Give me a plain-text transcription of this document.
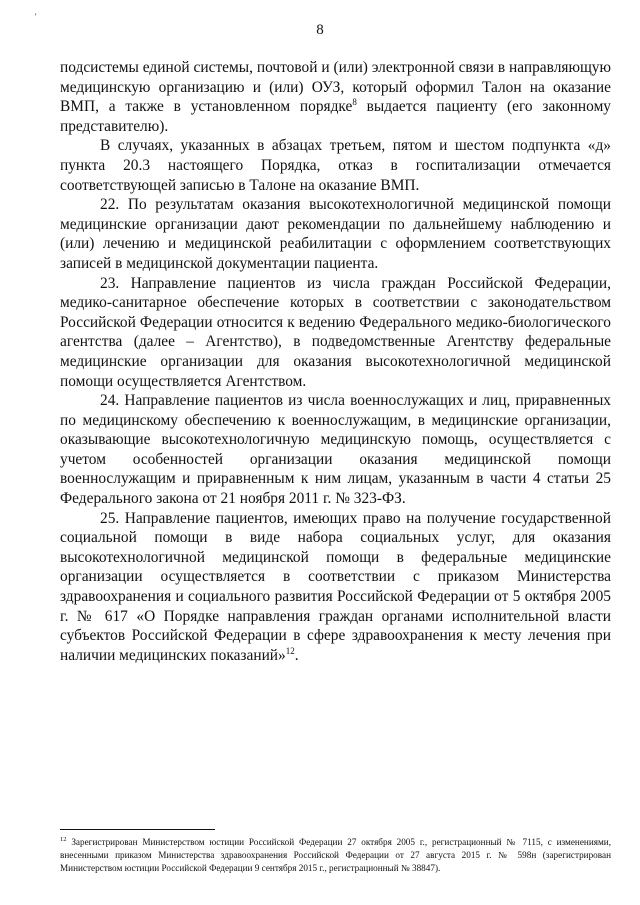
'
8

подсистемы единой системы, почтовой и (или) электронной связи в направляющую медицинскую организацию и (или) ОУЗ, который оформил Талон на оказание ВМП, а также в установленном порядке$^8$ выдается пациенту (его законному представителю).

В случаях, указанных в абзацах третьем, пятом и шестом подпункта «д» пункта 20.3 настоящего Порядка, отказ в госпитализации отмечается соответствующей записью в Талоне на оказание ВМП.

22. По результатам оказания высокотехнологичной медицинской помощи медицинские организации дают рекомендации по дальнейшему наблюдению и (или) лечению и медицинской реабилитации с оформлением соответствующих записей в медицинской документации пациента.

23. Направление пациентов из числа граждан Российской Федерации, медико-санитарное обеспечение которых в соответствии с законодательством Российской Федерации относится к ведению Федерального медико-биологического агентства (далее – Агентство), в подведомственные Агентству федеральные медицинские организации для оказания высокотехнологичной медицинской помощи осуществляется Агентством.

24. Направление пациентов из числа военнослужащих и лиц, приравненных по медицинскому обеспечению к военнослужащим, в медицинские организации, оказывающие высокотехнологичную медицинскую помощь, осуществляется с учетом особенностей организации оказания медицинской помощи военнослужащим и приравненным к ним лицам, указанным в части 4 статьи 25 Федерального закона от 21 ноября 2011 г. № 323-ФЗ.

25. Направление пациентов, имеющих право на получение государственной социальной помощи в виде набора социальных услуг, для оказания высокотехнологичной медицинской помощи в федеральные медицинские организации осуществляется в соответствии с приказом Министерства здравоохранения и социального развития Российской Федерации от 5 октября 2005 г. № 617 «О Порядке направления граждан органами исполнительной власти субъектов Российской Федерации в сфере здравоохранения к месту лечения при наличии медицинских показаний»$^{12}$.

$^{12}$ Зарегистрирован Министерством юстиции Российской Федерации 27 октября 2005 г., регистрационный № 7115, с изменениями, внесенными приказом Министерства здравоохранения Российской Федерации от 27 августа 2015 г. № 598н (зарегистрирован Министерством юстиции Российской Федерации 9 сентября 2015 г., регистрационный № 38847).
